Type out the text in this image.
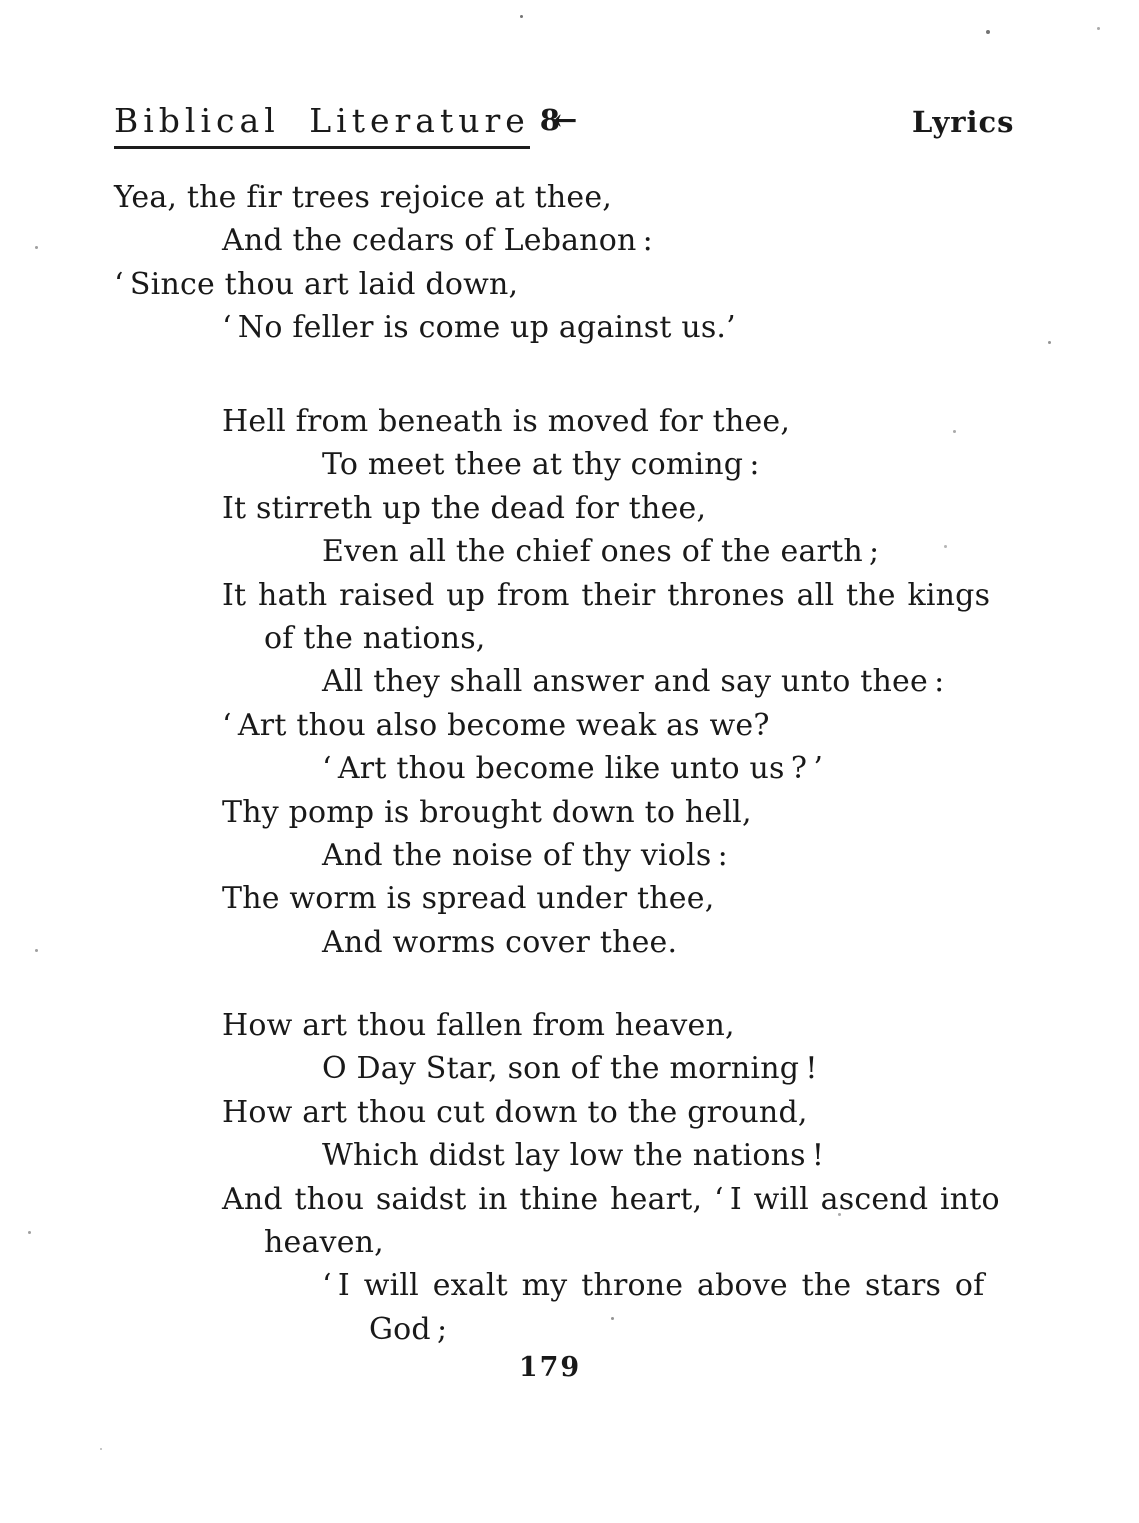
Biblical Literature 8←	Lyrics
Yea, the fir trees rejoice at thee,
And the cedars of Lebanon :
‘ Since thou art laid down,
‘ No feller is come up against us.’
Hell from beneath is moved for thee,
To meet thee at thy coming :
It stirreth up the dead for thee,
Even all the chief ones of the earth ;
It hath raised up from their thrones all the kings
of the nations,
All they shall answer and say unto thee :
‘ Art thou also become weak as we?
‘ Art thou become like unto us ? ’
Thy pomp is brought down to hell,
And the noise of thy viols :
The worm is spread under thee,
And worms cover thee.
How art thou fallen from heaven,
O Day Star, son of the morning !
How art thou cut down to the ground,
Which didst lay low the nations !
And thou saidst in thine heart, ‘ I will ascend into
heaven,
‘ I will exalt my throne above the stars of
God ;
179
